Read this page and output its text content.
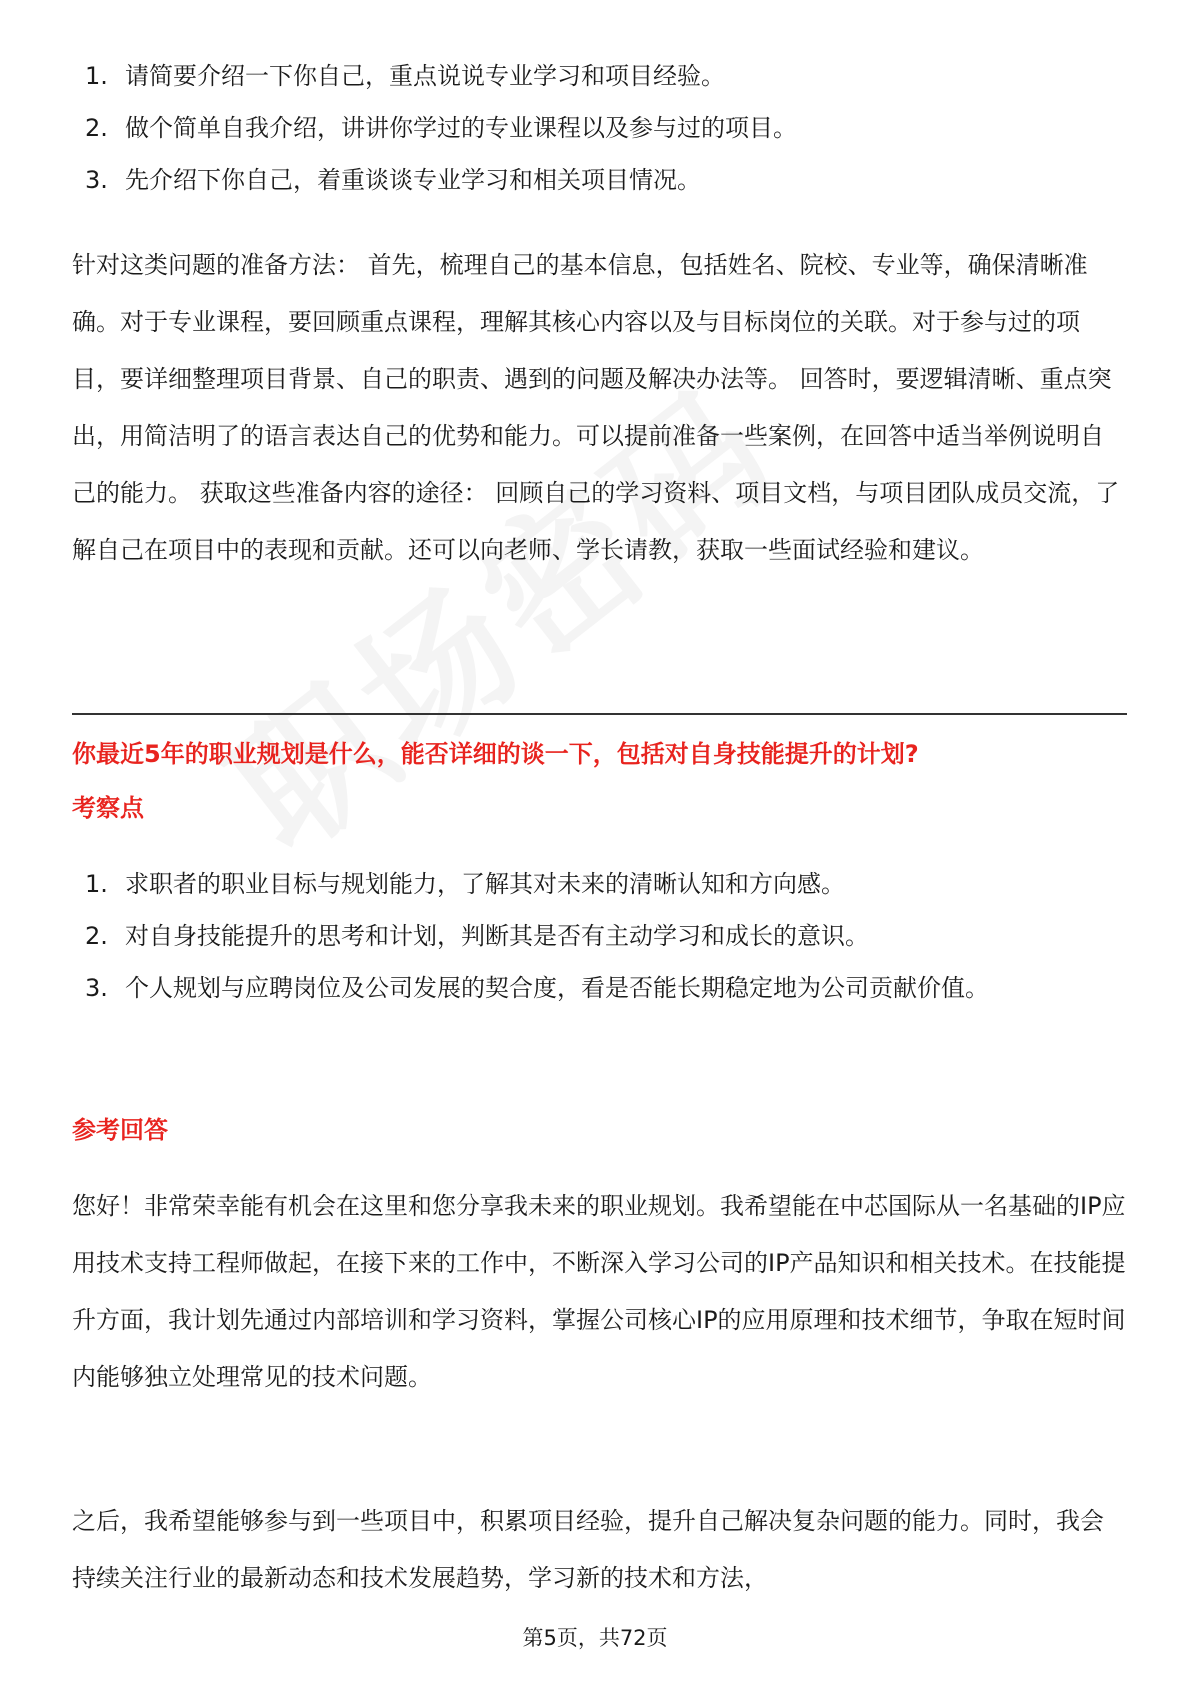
1. 请简要介绍一下你自己，重点说说专业学习和项目经验。
2. 做个简单自我介绍，讲讲你学过的专业课程以及参与过的项目。
3. 先介绍下你自己，着重谈谈专业学习和相关项目情况。

针对这类问题的准备方法： 首先，梳理自己的基本信息，包括姓名、院校、专业等，确保清晰准确。对于专业课程，要回顾重点课程，理解其核心内容以及与目标岗位的关联。对于参与过的项目，要详细整理项目背景、自己的职责、遇到的问题及解决办法等。 回答时，要逻辑清晰、重点突出，用简洁明了的语言表达自己的优势和能力。可以提前准备一些案例，在回答中适当举例说明自己的能力。 获取这些准备内容的途径： 回顾自己的学习资料、项目文档，与项目团队成员交流，了解自己在项目中的表现和贡献。还可以向老师、学长请教，获取一些面试经验和建议。

你最近5年的职业规划是什么，能否详细的谈一下，包括对自身技能提升的计划?

考察点

1. 求职者的职业目标与规划能力，了解其对未来的清晰认知和方向感。
2. 对自身技能提升的思考和计划，判断其是否有主动学习和成长的意识。
3. 个人规划与应聘岗位及公司发展的契合度，看是否能长期稳定地为公司贡献价值。

参考回答

您好！非常荣幸能有机会在这里和您分享我未来的职业规划。我希望能在中芯国际从一名基础的IP应用技术支持工程师做起，在接下来的工作中，不断深入学习公司的IP产品知识和相关技术。在技能提升方面，我计划先通过内部培训和学习资料，掌握公司核心IP的应用原理和技术细节，争取在短时间内能够独立处理常见的技术问题。

之后，我希望能够参与到一些项目中，积累项目经验，提升自己解决复杂问题的能力。同时，我会持续关注行业的最新动态和技术发展趋势，学习新的技术和方法，

第5页，共72页
